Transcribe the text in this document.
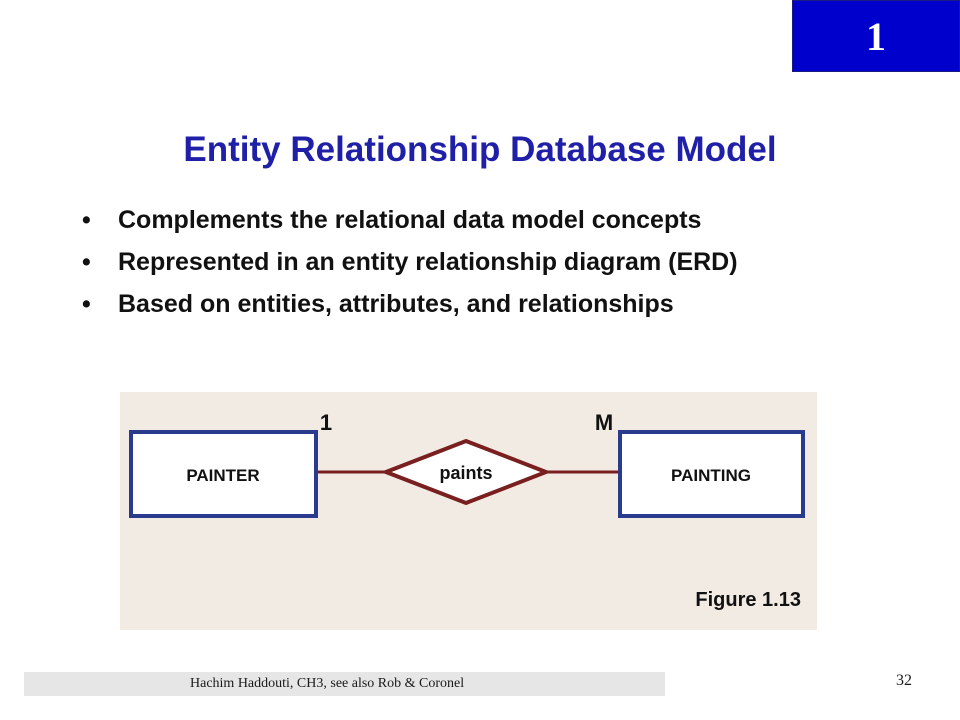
1
Entity Relationship Database Model
• Complements the relational data model concepts
• Represented in an entity relationship diagram (ERD)
• Based on entities, attributes, and relationships
PAINTER	PAINTING
paints
1	M
Figure 1.13
Hachim Haddouti, CH3, see also Rob & Coronel	32
